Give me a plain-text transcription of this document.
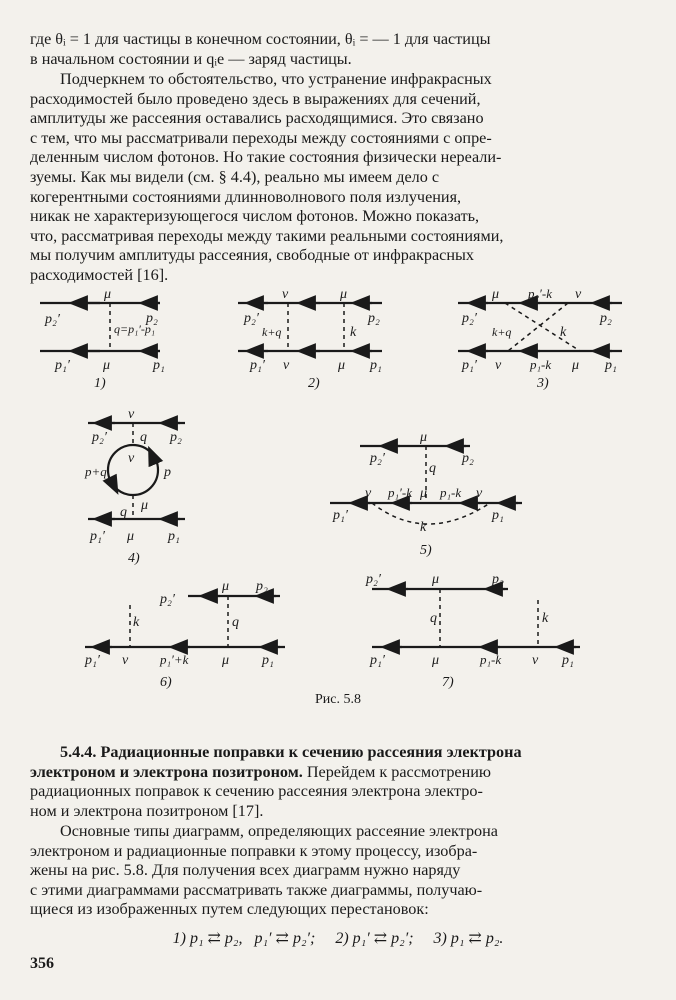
где θᵢ = 1 для частицы в конечном состоянии, θᵢ = — 1 для частицы
в начальном состоянии и qᵢe — заряд частицы.
Подчеркнем то обстоятельство, что устранение инфракрасных
расходимостей было проведено здесь в выражениях для сечений,
амплитуды же рассеяния оставались расходящимися. Это связано
с тем, что мы рассматривали переходы между состояниями с опре-
деленным числом фотонов. Но такие состояния физически нереали-
зуемы. Как мы видели (см. § 4.4), реально мы имеем дело с
когерентными состояниями длинноволнового поля излучения,
никак не характеризующегося числом фотонов. Можно показать,
что, рассматривая переходы между такими реальными состояниями,
мы получим амплитуды рассеяния, свободные от инфракрасных
расходимостей [16].
μ
p₂′	p₂
q=p₁′-p₁
p₁′ μ	p₁
1)
ν	μ
p₂′	p₂
k+q	k
p₁′ ν	μ p₁
2)
μ p₂′-k ν
p₂′	p₂
k+q	k
p₁′ ν p₁-k μ p₁
3)
ν
p₂′ q p₂
p+q
ν
p
μ
q
p₁′ μ p₁
4)
p₂′
μ
p₂
q
ν p₁′-k μ p₁-k ν
p₁′
k
p₁
5)
p₂′
μ p₂
k	q
p₁′ ν p₁′+k μ p₁
6)
p₂′	μ	p₂
q	k
p₁′	μ	p₁-k ν p₁
7)
Рис. 5.8
5.4.4. Радиационные поправки к сечению рассеяния электрона
электроном и электрона позитроном. Перейдем к рассмотрению
радиационных поправок к сечению рассеяния электрона электро-
ном и электрона позитроном [17].
Основные типы диаграмм, определяющих рассеяние электрона
электроном и радиационные поправки к этому процессу, изобра-
жены на рис. 5.8. Для получения всех диаграмм нужно наряду
с этими диаграммами рассматривать также диаграммы, получаю-
щиеся из изображенных путем следующих перестановок:
1) p₁ ⇄ p₂,   p₁′ ⇄ p₂′;     2) p₁′ ⇄ p₂′;     3) p₁ ⇄ p₂.
356
